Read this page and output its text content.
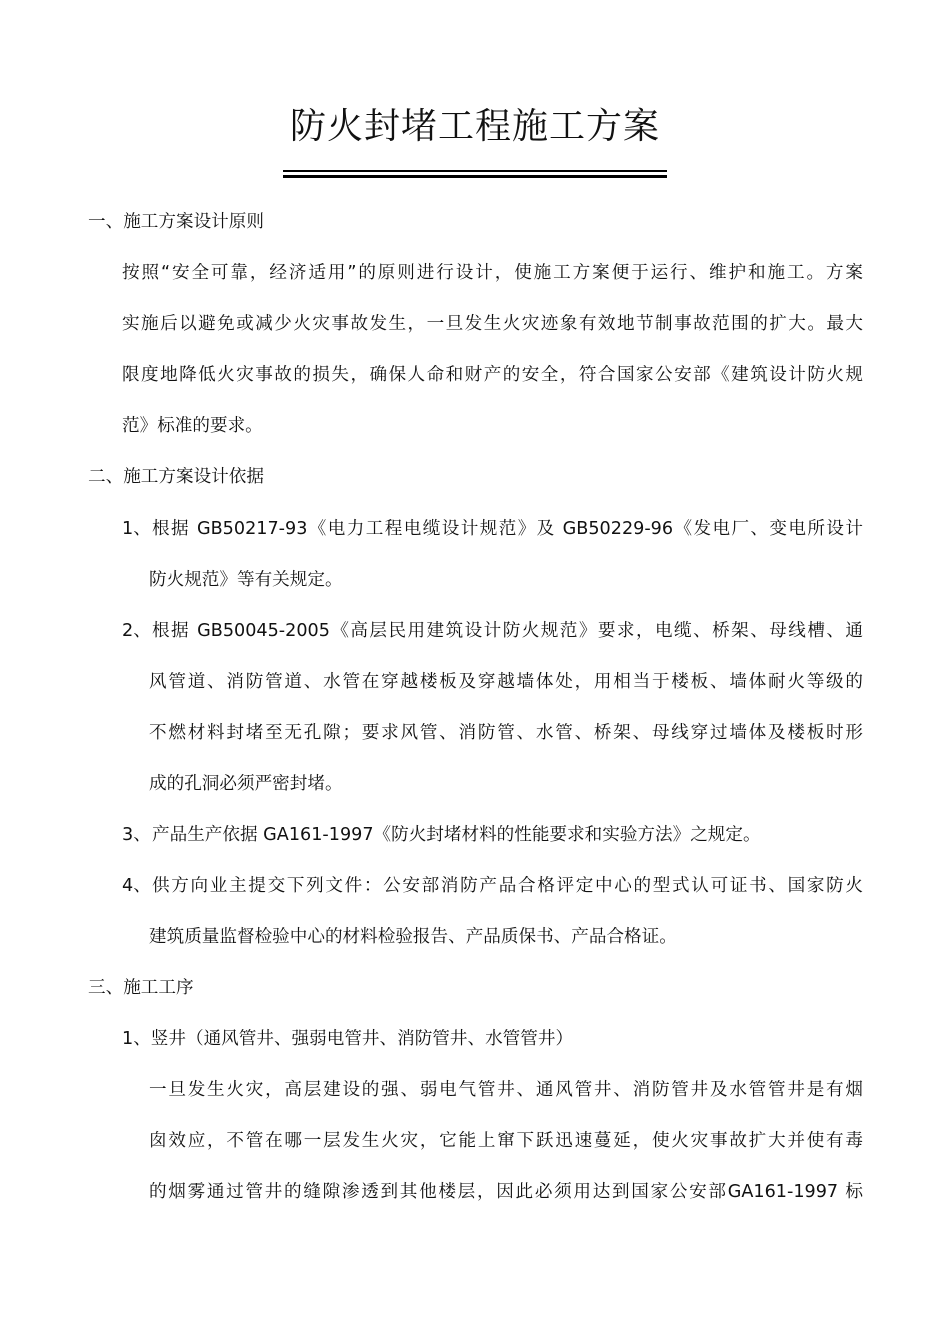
防火封堵工程施工方案
一、施工方案设计原则
按照“安全可靠，经济适用”的原则进行设计，使施工方案便于运行、维护和施工。方案
实施后以避免或减少火灾事故发生，一旦发生火灾迹象有效地节制事故范围的扩大。最大
限度地降低火灾事故的损失，确保人命和财产的安全，符合国家公安部《建筑设计防火规
范》标准的要求。
二、施工方案设计依据
1、 根据 GB50217-93《电力工程电缆设计规范》及 GB50229-96《发电厂、变电所设计
防火规范》等有关规定。
2、 根据 GB50045-2005《高层民用建筑设计防火规范》要求，电缆、桥架、母线槽、通
风管道、消防管道、水管在穿越楼板及穿越墙体处，用相当于楼板、墙体耐火等级的
不燃材料封堵至无孔隙；要求风管、消防管、水管、桥架、母线穿过墙体及楼板时形
成的孔洞必须严密封堵。
3、 产品生产依据 GA161-1997《防火封堵材料的性能要求和实验方法》之规定。
4、 供方向业主提交下列文件：公安部消防产品合格评定中心的型式认可证书、国家防火
建筑质量监督检验中心的材料检验报告、产品质保书、产品合格证。
三、施工工序
1、竖井（通风管井、强弱电管井、消防管井、水管管井）
一旦发生火灾，高层建设的强、弱电气管井、通风管井、消防管井及水管管井是有烟
囱效应，不管在哪一层发生火灾，它能上窜下跃迅速蔓延，使火灾事故扩大并使有毒
的烟雾通过管井的缝隙渗透到其他楼层，因此必须用达到国家公安部GA161-1997 标
